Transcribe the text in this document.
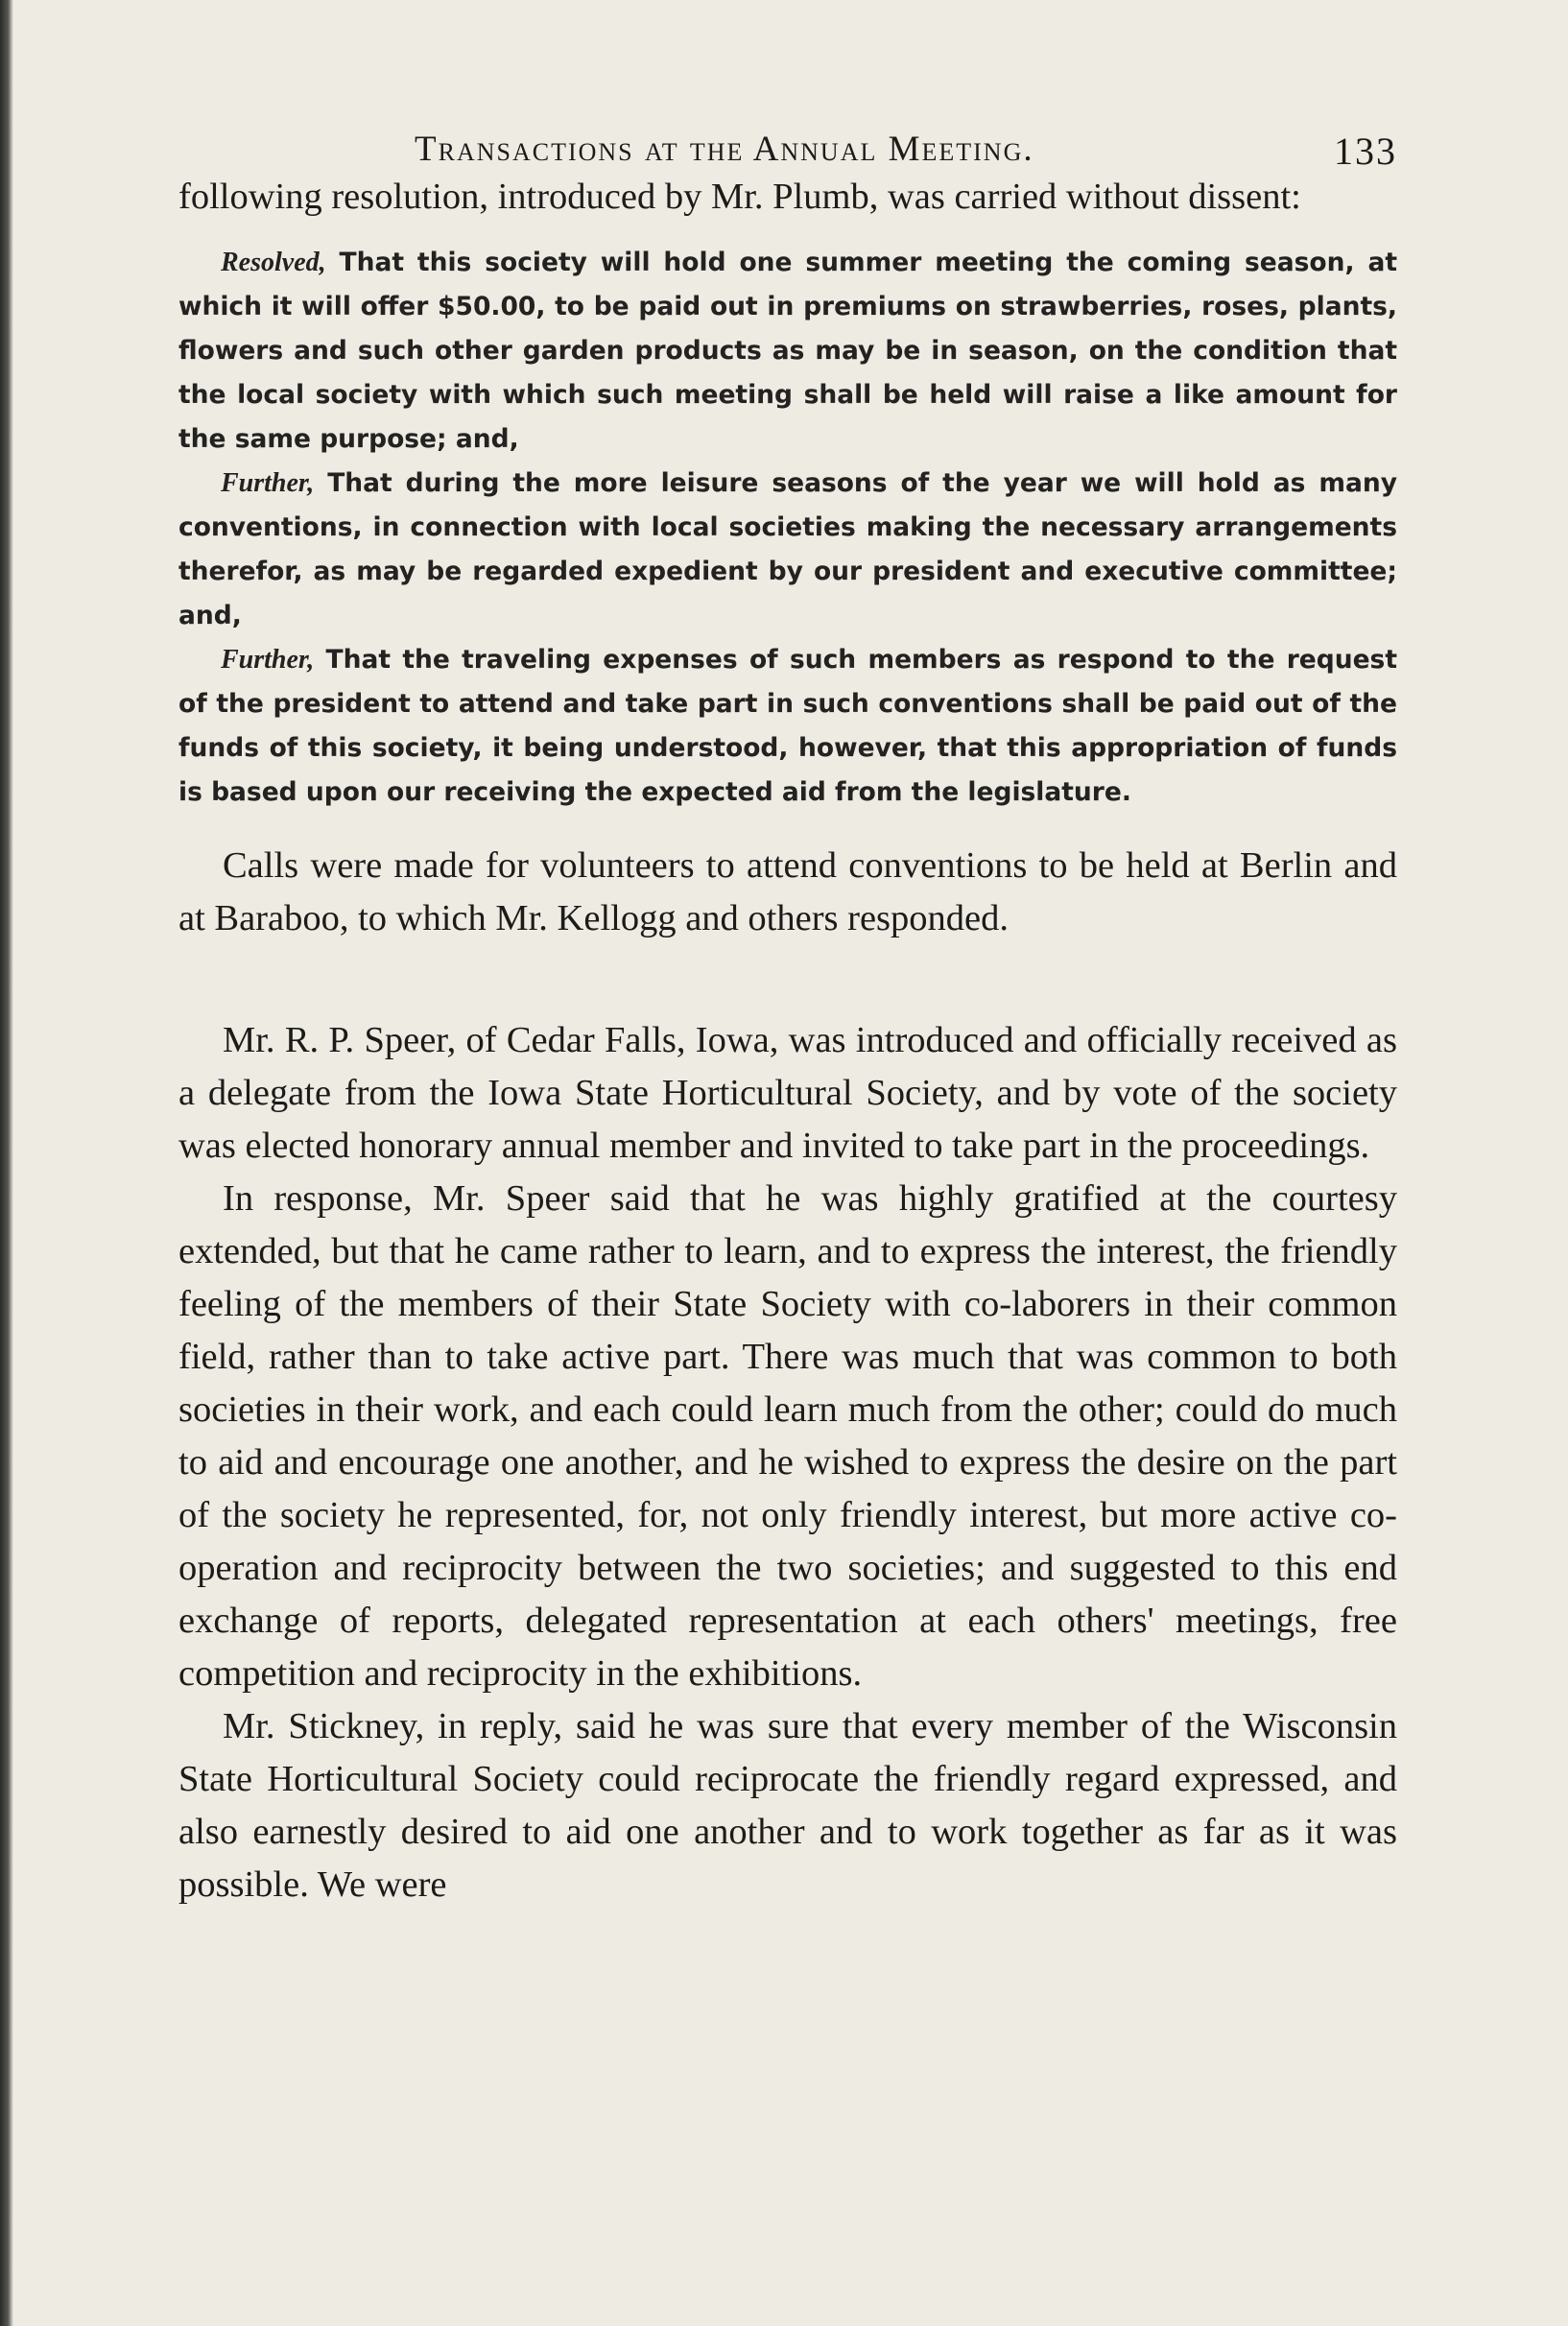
Transactions at the Annual Meeting.	133

following resolution, introduced by Mr. Plumb, was carried without dissent:

Resolved, That this society will hold one summer meeting the coming season, at which it will offer $50.00, to be paid out in premiums on strawberries, roses, plants, flowers and such other garden products as may be in season, on the condition that the local society with which such meeting shall be held will raise a like amount for the same purpose; and,

Further, That during the more leisure seasons of the year we will hold as many conventions, in connection with local societies making the necessary arrangements therefor, as may be regarded expedient by our president and executive committee; and,

Further, That the traveling expenses of such members as respond to the request of the president to attend and take part in such conventions shall be paid out of the funds of this society, it being understood, however, that this appropriation of funds is based upon our receiving the expected aid from the legislature.

Calls were made for volunteers to attend conventions to be held at Berlin and at Baraboo, to which Mr. Kellogg and others responded.

Mr. R. P. Speer, of Cedar Falls, Iowa, was introduced and officially received as a delegate from the Iowa State Horticultural Society, and by vote of the society was elected honorary annual member and invited to take part in the proceedings.

In response, Mr. Speer said that he was highly gratified at the courtesy extended, but that he came rather to learn, and to express the interest, the friendly feeling of the members of their State Society with co-laborers in their common field, rather than to take active part. There was much that was common to both societies in their work, and each could learn much from the other; could do much to aid and encourage one another, and he wished to express the desire on the part of the society he represented, for, not only friendly interest, but more active co-operation and reciprocity between the two societies; and suggested to this end exchange of reports, delegated representation at each others' meetings, free competition and reciprocity in the exhibitions.

Mr. Stickney, in reply, said he was sure that every member of the Wisconsin State Horticultural Society could reciprocate the friendly regard expressed, and also earnestly desired to aid one another and to work together as far as it was possible. We were
